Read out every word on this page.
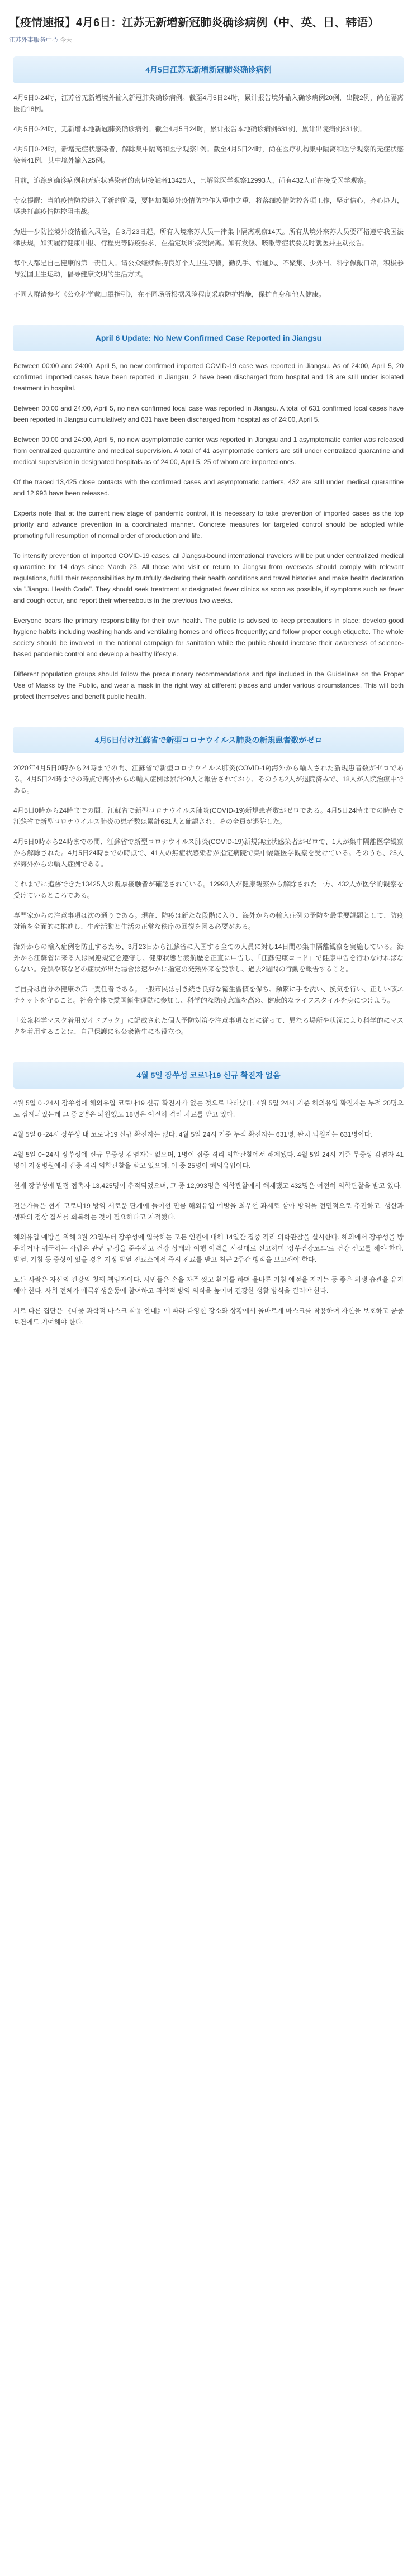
【疫情速报】4月6日：江苏无新增新冠肺炎确诊病例（中、英、日、韩语）
江苏外事服务中心 今天
4月5日江苏无新增新冠肺炎确诊病例

4月5日0-24时，江苏省无新增境外输入新冠肺炎确诊病例。截至4月5日24时，累计报告境外输入确诊病例20例，出院2例，尚在隔离医治18例。

4月5日0-24时，无新增本地新冠肺炎确诊病例。截至4月5日24时，累计报告本地确诊病例631例，累计出院病例631例。

4月5日0-24时，新增无症状感染者，解除集中隔离和医学观察1例。截至4月5日24时，尚在医疗机构集中隔离和医学观察的无症状感染者41例，其中境外输入25例。

目前，追踪到确诊病例和无症状感染者的密切接触者13425人，已解除医学观察12993人，尚有432人正在接受医学观察。

专家提醒：当前疫情防控进入了新的阶段，要把加强境外疫情防控作为重中之重，将落细疫情防控各项工作，坚定信心，齐心协力，坚决打赢疫情防控阻击战。

为进一步防控境外疫情输入风险，自3月23日起，所有入境来苏人员一律集中隔离观察14天。所有从境外来苏人员要严格遵守我国法律法规，如实履行健康申报、行程史等防疫要求，在指定场所接受隔离。如有发热、咳嗽等症状要及时就医并主动报告。

每个人都是自己健康的第一责任人。请公众继续保持良好个人卫生习惯，勤洗手、常通风、不聚集、少外出、科学佩戴口罩，积极参与爱国卫生运动，倡导健康文明的生活方式。

不同人群请参考《公众科学戴口罩指引》，在不同场所根据风险程度采取防护措施，保护自身和他人健康。

April 6 Update: No New Confirmed Case Reported in Jiangsu

Between 00:00 and 24:00, April 5, no new confirmed imported COVID-19 case was reported in Jiangsu. As of 24:00, April 5, 20 confirmed imported cases have been reported in Jiangsu, 2 have been discharged from hospital and 18 are still under isolated treatment in hospital.

Between 00:00 and 24:00, April 5, no new confirmed local case was reported in Jiangsu. A total of 631 confirmed local cases have been reported in Jiangsu cumulatively and 631 have been discharged from hospital as of 24:00, April 5.

Between 00:00 and 24:00, April 5, no new asymptomatic carrier was reported in Jiangsu and 1 asymptomatic carrier was released from centralized quarantine and medical supervision. A total of 41 asymptomatic carriers are still under centralized quarantine and medical supervision in designated hospitals as of 24:00, April 5, 25 of whom are imported ones.

Of the traced 13,425 close contacts with the confirmed cases and asymptomatic carriers, 432 are still under medical quarantine and 12,993 have been released.

Experts note that at the current new stage of pandemic control, it is necessary to take prevention of imported cases as the top priority and advance prevention in a coordinated manner. Concrete measures for targeted control should be adopted while promoting full resumption of normal order of production and life.

To intensify prevention of imported COVID-19 cases, all Jiangsu-bound international travelers will be put under centralized medical quarantine for 14 days since March 23. All those who visit or return to Jiangsu from overseas should comply with relevant regulations, fulfill their responsibilities by truthfully declaring their health conditions and travel histories and make health declaration via "Jiangsu Health Code". They should seek treatment at designated fever clinics as soon as possible, if symptoms such as fever and cough occur, and report their whereabouts in the previous two weeks.

Everyone bears the primary responsibility for their own health. The public is advised to keep precautions in place: develop good hygiene habits including washing hands and ventilating homes and offices frequently; and follow proper cough etiquette. The whole society should be involved in the national campaign for sanitation while the public should increase their awareness of science-based pandemic control and develop a healthy lifestyle.

Different population groups should follow the precautionary recommendations and tips included in the Guidelines on the Proper Use of Masks by the Public, and wear a mask in the right way at different places and under various circumstances. This will both protect themselves and benefit public health.

4月5日付け江蘇省で新型コロナウイルス肺炎の新規患者数がゼロ

2020年4月5日0時から24時までの間、江蘇省で新型コロナウイルス肺炎(COVID-19)海外から輸入された新規患者数がゼロである。4月5日24時までの時点で海外からの輸入症例は累計20人と報告されており、そのうち2人が退院済みで、18人が入院治療中である。

4月5日0時から24時までの間、江蘇省で新型コロナウイルス肺炎(COVID-19)新規患者数がゼロである。4月5日24時までの時点で江蘇省で新型コロナウイルス肺炎の患者数は累計631人と確認され、その全員が退院した。

4月5日0時から24時までの間、江蘇省で新型コロナウイルス肺炎(COVID-19)新規無症状感染者がゼロで、1人が集中隔離医学観察から解除された。4月5日24時までの時点で、41人の無症状感染者が指定病院で集中隔離医学観察を受けている。そのうち、25人が海外からの輸入症例である。

これまでに追跡できた13425人の濃厚接触者が確認されている。12993人が健康観察から解除された一方、432人が医学的観察を受けているところである。

専門家からの注意事項は次の通りである。現在、防疫は新たな段階に入り、海外からの輸入症例の予防を最重要課題として、防疫対策を全面的に推進し、生産活動と生活の正常な秩序の回復を図る必要がある。

海外からの輸入症例を防止するため、3月23日から江蘇省に入国する全ての人員に対し14日間の集中隔離観察を実施している。海外から江蘇省に来る人は関連規定を遵守し、健康状態と渡航歴を正直に申告し、「江蘇健康コード」で健康申告を行わなければならない。発熱や咳などの症状が出た場合は速やかに指定の発熱外来を受診し、過去2週間の行動を報告すること。

ご自身は自分の健康の第一責任者である。一般市民は引き続き良好な衛生習慣を保ち、頻繁に手を洗い、換気を行い、正しい咳エチケットを守ること。社会全体で愛国衛生運動に参加し、科学的な防疫意識を高め、健康的なライフスタイルを身につけよう。

「公衆科学マスク着用ガイドブック」に記載された個人予防対策や注意事項などに従って、異なる場所や状況により科学的にマスクを着用することは、自己保護にも公衆衛生にも役立つ。

4월 5일 장쑤성 코로나19 신규 확진자 없음

4월 5일 0~24시 장쑤성에 해외유입 코로나19 신규 확진자가 없는 것으로 나타났다. 4월 5일 24시 기준 해외유입 확진자는 누적 20명으로 집계되었는데 그 중 2명은 퇴원했고 18명은 여전히 격리 치료를 받고 있다.

4월 5일 0~24시 장쑤성 내 코로나19 신규 확진자는 없다. 4월 5일 24시 기준 누적 확진자는 631명, 완치 퇴원자는 631명이다.

4월 5일 0~24시 장쑤성에 신규 무증상 감염자는 없으며, 1명이 집중 격리 의학관찰에서 해제됐다. 4월 5일 24시 기준 무증상 감염자 41명이 지정병원에서 집중 격리 의학관찰을 받고 있으며, 이 중 25명이 해외유입이다.

현재 장쑤성에 밀접 접촉자 13,425명이 추적되었으며, 그 중 12,993명은 의학관찰에서 해제됐고 432명은 여전히 의학관찰을 받고 있다.

전문가들은 현재 코로나19 방역 새로운 단계에 들어선 만큼 해외유입 예방을 최우선 과제로 삼아 방역을 전면적으로 추진하고, 생산과 생활의 정상 질서를 회복하는 것이 필요하다고 지적했다.

해외유입 예방을 위해 3월 23일부터 장쑤성에 입국하는 모든 인원에 대해 14일간 집중 격리 의학관찰을 실시한다. 해외에서 장쑤성을 방문하거나 귀국하는 사람은 관련 규정을 준수하고 건강 상태와 여행 이력을 사실대로 신고하며 '장쑤건강코드'로 건강 신고를 해야 한다. 발열, 기침 등 증상이 있을 경우 지정 발열 진료소에서 즉시 진료를 받고 최근 2주간 행적을 보고해야 한다.

모든 사람은 자신의 건강의 첫째 책임자이다. 시민들은 손을 자주 씻고 환기를 하며 올바른 기침 예절을 지키는 등 좋은 위생 습관을 유지해야 한다. 사회 전체가 애국위생운동에 참여하고 과학적 방역 의식을 높이며 건강한 생활 방식을 길러야 한다.

서로 다른 집단은 《대중 과학적 마스크 착용 안내》에 따라 다양한 장소와 상황에서 올바르게 마스크를 착용하여 자신을 보호하고 공중 보건에도 기여해야 한다.
